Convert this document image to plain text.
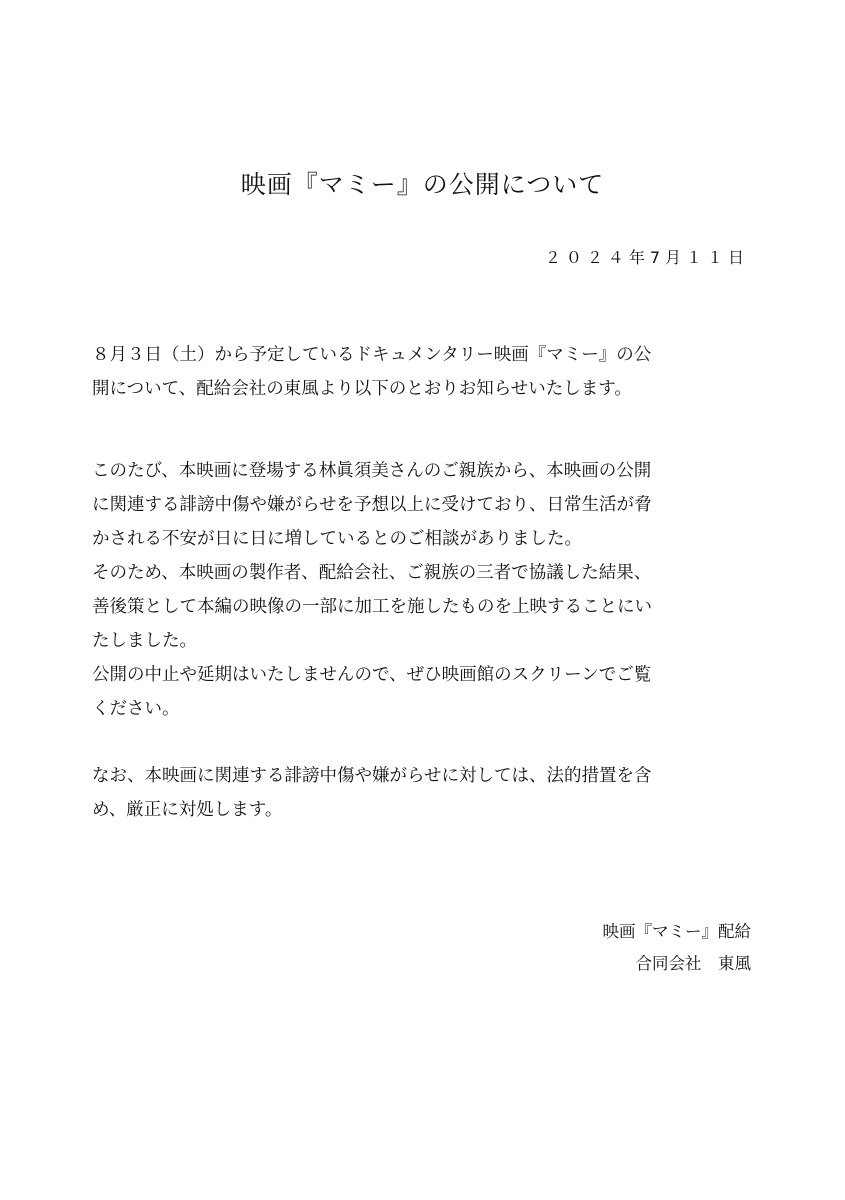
映画『マミー』の公開について
２０２４年7月１１日

８月３日（土）から予定しているドキュメンタリー映画『マミー』の公

開について、配給会社の東風より以下のとおりお知らせいたします。

このたび、本映画に登場する林眞須美さんのご親族から、本映画の公開

に関連する誹謗中傷や嫌がらせを予想以上に受けており、日常生活が脅

かされる不安が日に日に増しているとのご相談がありました。

そのため、本映画の製作者、配給会社、ご親族の三者で協議した結果、

善後策として本編の映像の一部に加工を施したものを上映することにい

たしました。

公開の中止や延期はいたしませんので、ぜひ映画館のスクリーンでご覧

ください。

なお、本映画に関連する誹謗中傷や嫌がらせに対しては、法的措置を含

め、厳正に対処します。

映画『マミー』配給
合同会社　東風
